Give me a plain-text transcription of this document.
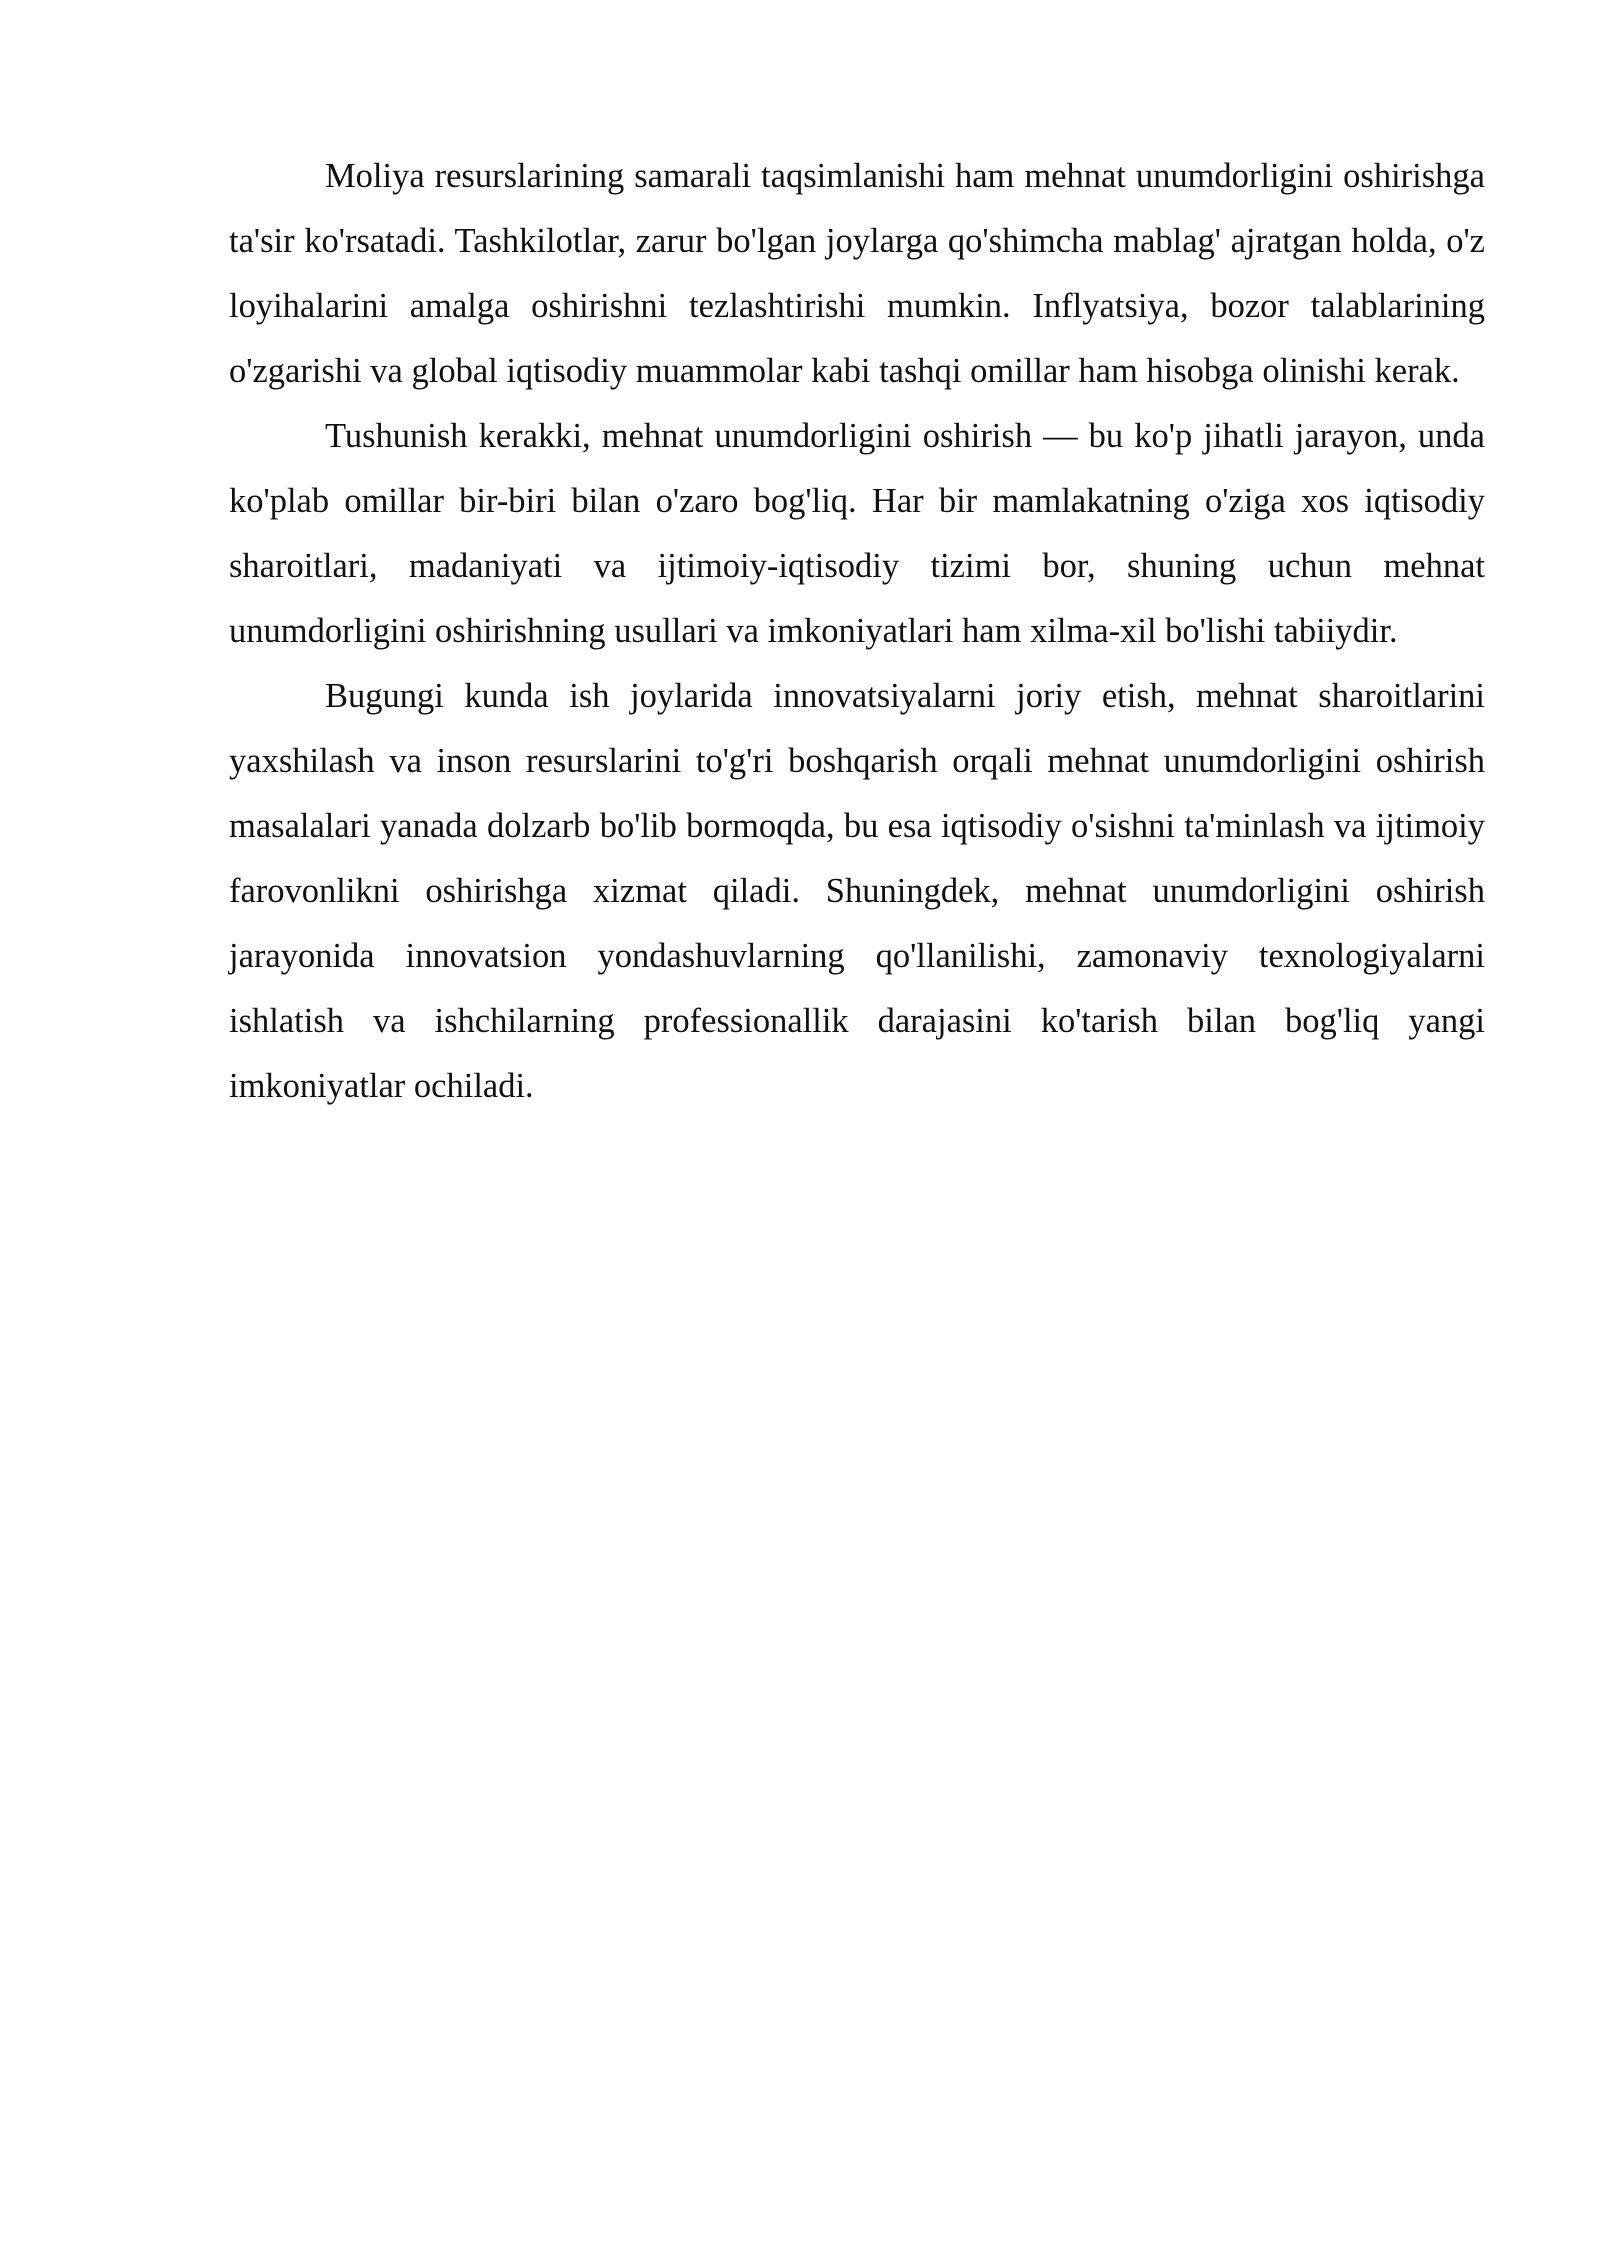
Moliya resurslarining samarali taqsimlanishi ham mehnat unumdorligini oshirishga ta'sir ko'rsatadi. Tashkilotlar, zarur bo'lgan joylarga qo'shimcha mablag' ajratgan holda, o'z loyihalarini amalga oshirishni tezlashtirishi mumkin. Inflyatsiya, bozor talablarining o'zgarishi va global iqtisodiy muammolar kabi tashqi omillar ham hisobga olinishi kerak.

Tushunish kerakki, mehnat unumdorligini oshirish — bu ko'p jihatli jarayon, unda ko'plab omillar bir-biri bilan o'zaro bog'liq. Har bir mamlakatning o'ziga xos iqtisodiy sharoitlari, madaniyati va ijtimoiy-iqtisodiy tizimi bor, shuning uchun mehnat unumdorligini oshirishning usullari va imkoniyatlari ham xilma-xil bo'lishi tabiiydir.

Bugungi kunda ish joylarida innovatsiyalarni joriy etish, mehnat sharoitlarini yaxshilash va inson resurslarini to'g'ri boshqarish orqali mehnat unumdorligini oshirish masalalari yanada dolzarb bo'lib bormoqda, bu esa iqtisodiy o'sishni ta'minlash va ijtimoiy farovonlikni oshirishga xizmat qiladi. Shuningdek, mehnat unumdorligini oshirish jarayonida innovatsion yondashuvlarning qo'llanilishi, zamonaviy texnologiyalarni ishlatish va ishchilarning professionallik darajasini ko'tarish bilan bog'liq yangi imkoniyatlar ochiladi.
